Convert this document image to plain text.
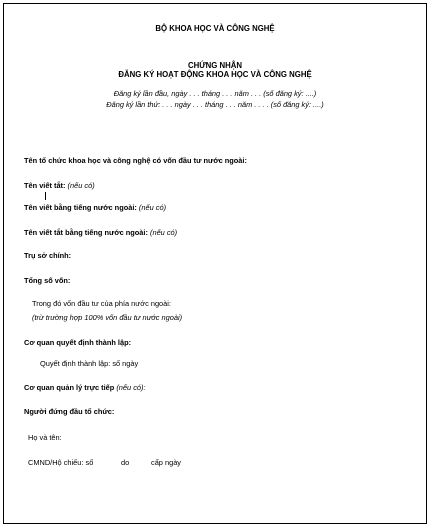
BỘ KHOA HỌC VÀ CÔNG NGHỆ
CHỨNG NHẬN
ĐĂNG KÝ HOẠT ĐỘNG KHOA HỌC VÀ CÔNG NGHỆ
Đăng ký lần đầu, ngày . . . tháng . . . năm . . . (số đăng ký: ....)
Đăng ký lần thứ: . . . ngày . . . tháng . . . năm . . . . (số đăng ký: ....)
Tên tổ chức khoa học và công nghệ có vốn đầu tư nước ngoài:
Tên viết tắt: (nếu có)
Tên viết bằng tiếng nước ngoài: (nếu có)
Tên viết tắt bằng tiếng nước ngoài: (nếu có)
Trụ sở chính:
Tổng số vốn:
Trong đó vốn đầu tư của phía nước ngoài:
(trừ trường hợp 100% vốn đầu tư nước ngoài)
Cơ quan quyết định thành lập:
Quyết định thành lập: số ngày
Cơ quan quản lý trực tiếp (nếu có):
Người đứng đầu tổ chức:
Họ và tên:
CMND/Hộ chiếu: số	do	cấp ngày
